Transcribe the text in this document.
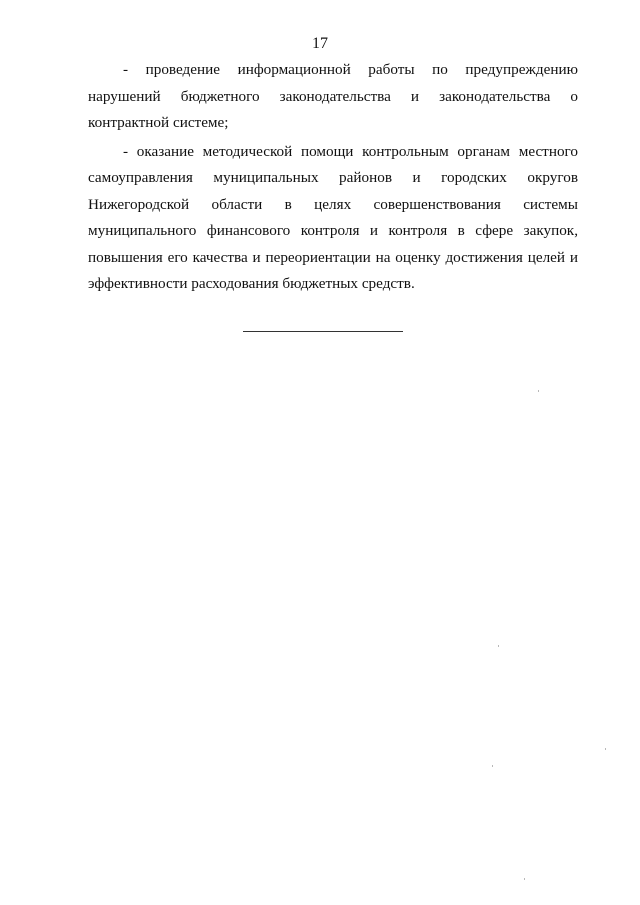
17

- проведение информационной работы по предупреждению нарушений бюджетного законодательства и законодательства о контрактной системе;

- оказание методической помощи контрольным органам местного самоуправления муниципальных районов и городских округов Нижегородской области в целях совершенствования системы муниципального финансового контроля и контроля в сфере закупок, повышения его качества и переориентации на оценку достижения целей и эффективности расходования бюджетных средств.
